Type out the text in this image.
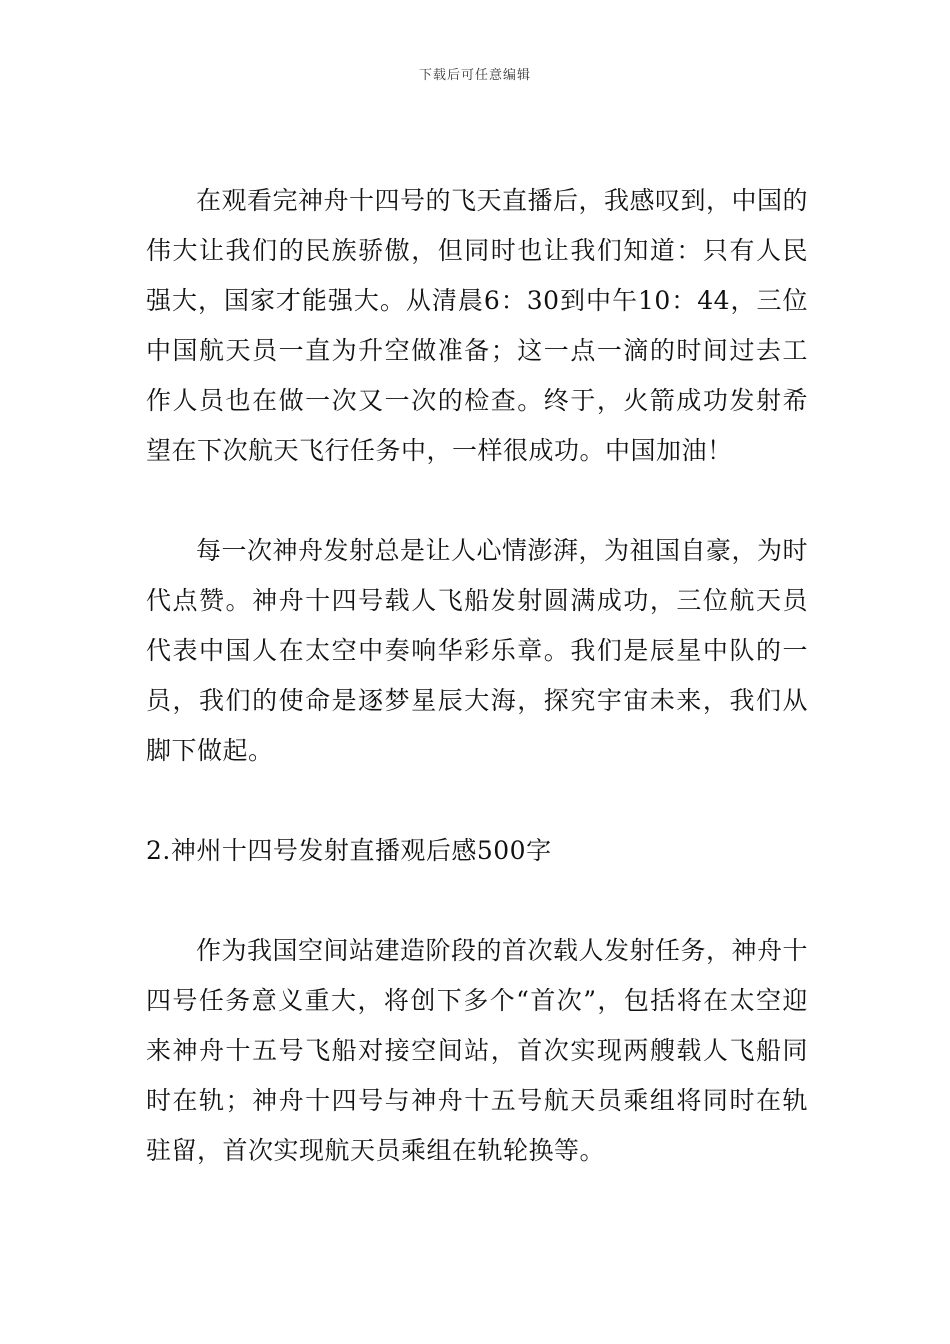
下载后可任意编辑

在观看完神舟十四号的飞天直播后，我感叹到，中国的伟大让我们的民族骄傲，但同时也让我们知道：只有人民强大，国家才能强大。从清晨6：30到中午10：44，三位中国航天员一直为升空做准备；这一点一滴的时间过去工作人员也在做一次又一次的检查。终于，火箭成功发射希望在下次航天飞行任务中，一样很成功。中国加油！

每一次神舟发射总是让人心情澎湃，为祖国自豪，为时代点赞。神舟十四号载人飞船发射圆满成功，三位航天员代表中国人在太空中奏响华彩乐章。我们是辰星中队的一员，我们的使命是逐梦星辰大海，探究宇宙未来，我们从脚下做起。

2.神州十四号发射直播观后感500字

作为我国空间站建造阶段的首次载人发射任务，神舟十四号任务意义重大，将创下多个“首次”，包括将在太空迎来神舟十五号飞船对接空间站，首次实现两艘载人飞船同时在轨；神舟十四号与神舟十五号航天员乘组将同时在轨驻留，首次实现航天员乘组在轨轮换等。
